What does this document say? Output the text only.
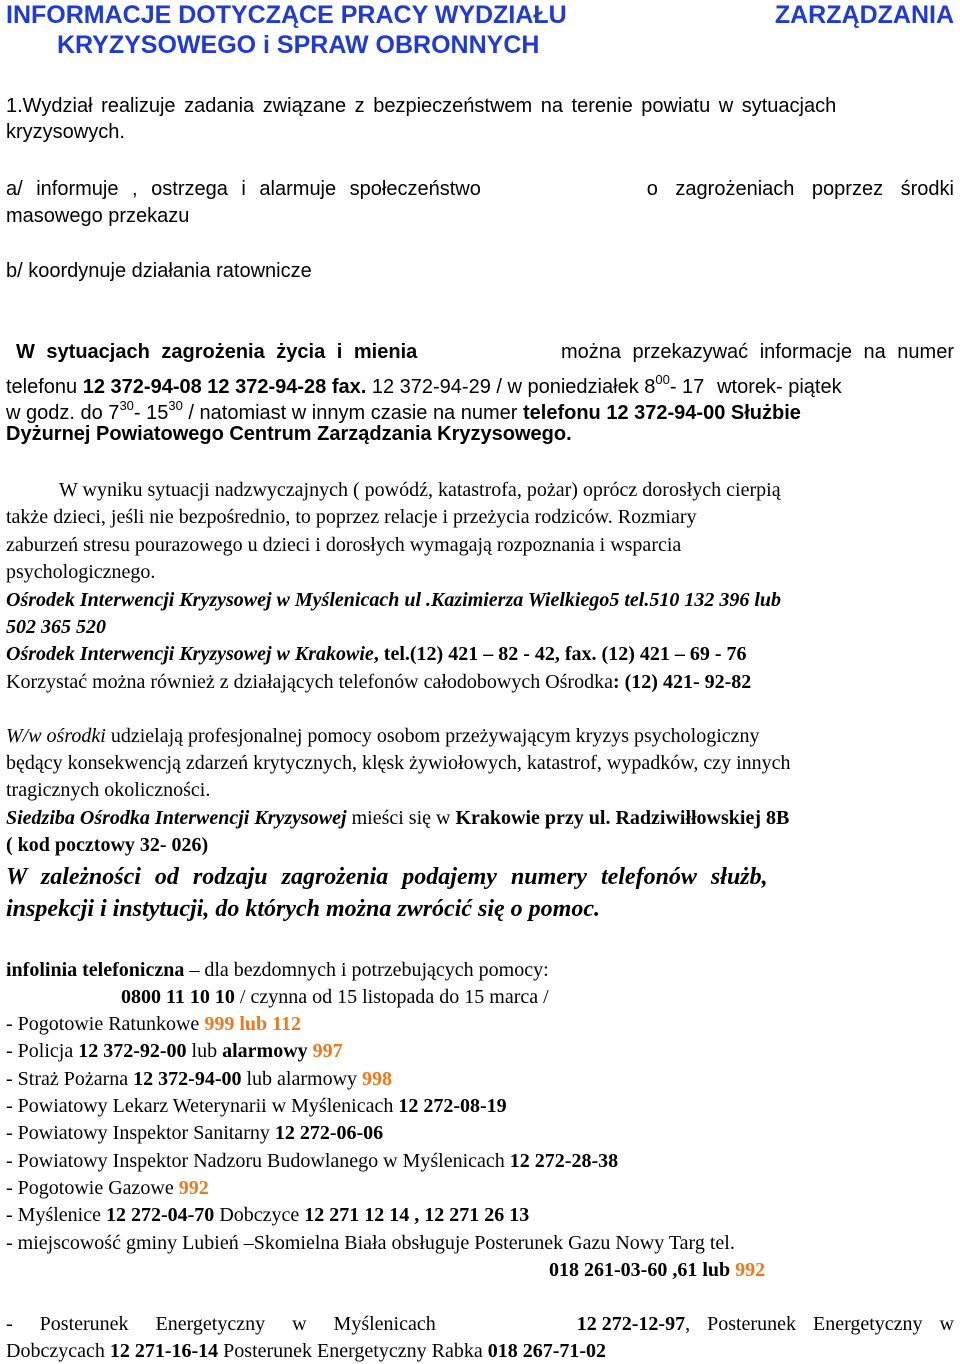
INFORMACJE DOTYCZĄCE PRACY WYDZIAŁU	ZARZĄDZANIA
KRYZYSOWEGO i SPRAW OBRONNYCH
1.Wydział realizuje zadania związane z bezpieczeństwem na terenie powiatu w sytuacjach
kryzysowych.
a/ informuje , ostrzega i alarmuje społeczeństwo	o zagrożeniach poprzez środki
masowego przekazu
b/ koordynuje działania ratownicze
W sytuacjach zagrożenia życia i mienia	można przekazywać informacje na numer
telefonu 12 372-94-08 12 372-94-28 fax. 12 372-94-29 / w poniedziałek $8^{00}-$ 17 wtorek- piątek
w godz. do $7^{30}-$ $15^{30}$ / natomiast w innym czasie na numer telefonu 12 372-94-00 Służbie
Dyżurnej Powiatowego Centrum Zarządzania Kryzysowego.
W wyniku sytuacji nadzwyczajnych ( powódź, katastrofa, pożar) oprócz dorosłych cierpią
także dzieci, jeśli nie bezpośrednio, to poprzez relacje i przeżycia rodziców. Rozmiary
zaburzeń stresu pourazowego u dzieci i dorosłych wymagają rozpoznania i wsparcia
psychologicznego.
Ośrodek Interwencji Kryzysowej w Myślenicach ul .Kazimierza Wielkiego5 tel.510 132 396 lub
502 365 520
Ośrodek Interwencji Kryzysowej w Krakowie, tel.(12) 421 – 82 - 42, fax. (12) 421 – 69 - 76
Korzystać można również z działających telefonów całodobowych Ośrodka: (12) 421- 92-82
W/w ośrodki udzielają profesjonalnej pomocy osobom przeżywającym kryzys psychologiczny
będący konsekwencją zdarzeń krytycznych, klęsk żywiołowych, katastrof, wypadków, czy innych
tragicznych okoliczności.
Siedziba Ośrodka Interwencji Kryzysowej mieści się w Krakowie przy ul. Radziwiłłowskiej 8B
( kod pocztowy 32- 026)
W zależności od rodzaju zagrożenia podajemy numery telefonów służb,
inspekcji i instytucji, do których można zwrócić się o pomoc.
infolinia telefoniczna – dla bezdomnych i potrzebujących pomocy:
0800 11 10 10 / czynna od 15 listopada do 15 marca /
- Pogotowie Ratunkowe 999 lub 112
- Policja 12 372-92-00 lub alarmowy 997
- Straż Pożarna 12 372-94-00 lub alarmowy 998
- Powiatowy Lekarz Weterynarii w Myślenicach 12 272-08-19
- Powiatowy Inspektor Sanitarny 12 272-06-06
- Powiatowy Inspektor Nadzoru Budowlanego w Myślenicach 12 272-28-38
- Pogotowie Gazowe 992
- Myślenice 12 272-04-70 Dobczyce 12 271 12 14 , 12 271 26 13
- miejscowość gminy Lubień –Skomielna Biała obsługuje Posterunek Gazu Nowy Targ tel.
018 261-03-60 ,61 lub 992
- Posterunek Energetyczny w Myślenicach	12 272-12-97, Posterunek Energetyczny w
Dobczycach 12 271-16-14 Posterunek Energetyczny Rabka 018 267-71-02
